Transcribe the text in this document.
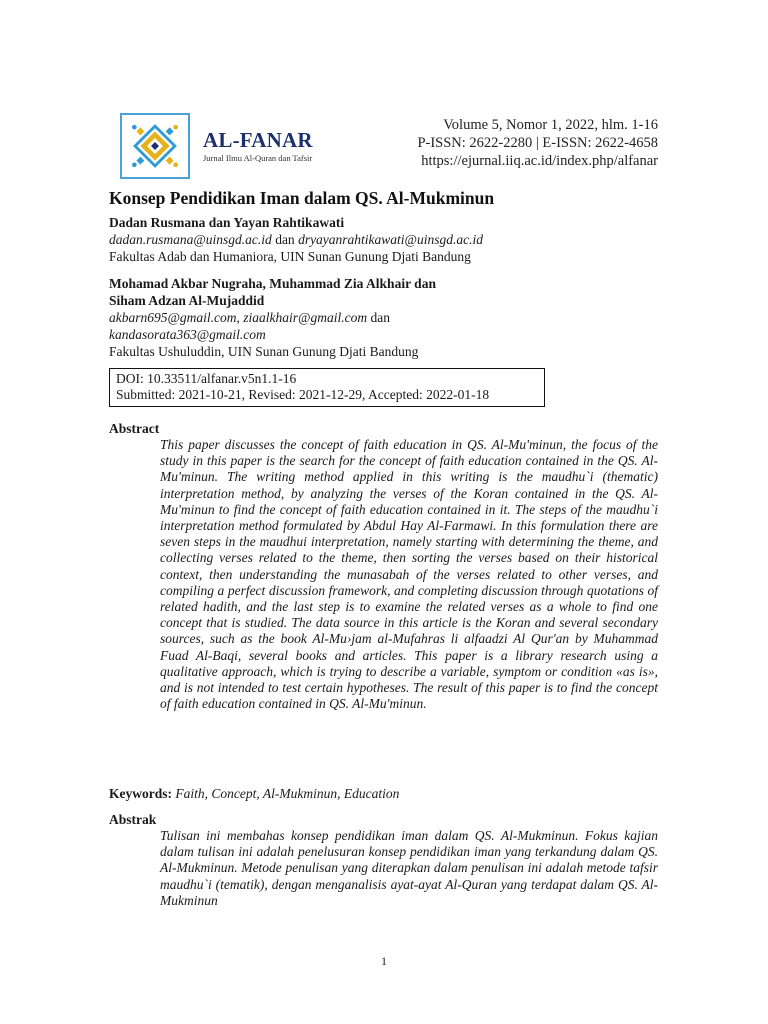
AL-FANAR
Jurnal Ilmu Al-Quran dan Tafsir
Volume 5, Nomor 1, 2022, hlm. 1-16
P-ISSN: 2622-2280 | E-ISSN: 2622-4658
https://ejurnal.iiq.ac.id/index.php/alfanar
Konsep Pendidikan Iman dalam QS. Al-Mukminun
Dadan Rusmana dan Yayan Rahtikawati
dadan.rusmana@uinsgd.ac.id dan dryayanrahtikawati@uinsgd.ac.id
Fakultas Adab dan Humaniora, UIN Sunan Gunung Djati Bandung
Mohamad Akbar Nugraha, Muhammad Zia Alkhair dan
Siham Adzan Al-Mujaddid
akbarn695@gmail.com, ziaalkhair@gmail.com dan
kandasorata363@gmail.com
Fakultas Ushuluddin, UIN Sunan Gunung Djati Bandung
DOI: 10.33511/alfanar.v5n1.1-16
Submitted: 2021-10-21, Revised: 2021-12-29, Accepted: 2022-01-18
Abstract

This paper discusses the concept of faith education in QS. Al-Mu'minun, the focus of the study in this paper is the search for the concept of faith education contained in the QS. Al-Mu'minun. The writing method applied in this writing is the maudhu`i (thematic) interpretation method, by analyzing the verses of the Koran contained in the QS. Al-Mu'minun to find the concept of faith education contained in it. The steps of the maudhu`i interpretation method formulated by Abdul Hay Al-Farmawi. In this formulation there are seven steps in the maudhui interpretation, namely starting with determining the theme, and collecting verses related to the theme, then sorting the verses based on their historical context, then understanding the munasabah of the verses related to other verses, and compiling a perfect discussion framework, and completing discussion through quotations of related hadith, and the last step is to examine the related verses as a whole to find one concept that is studied. The data source in this article is the Koran and several secondary sources, such as the book Al-Mu›jam al-Mufahras li alfaadzi Al Qur'an by Muhammad Fuad Al-Baqi, several books and articles. This paper is a library research using a qualitative approach, which is trying to describe a variable, symptom or condition «as is», and is not intended to test certain hypotheses. The result of this paper is to find the concept of faith education contained in QS. Al-Mu'minun.

Keywords: Faith, Concept, Al-Mukminun, Education
Abstrak

Tulisan ini membahas konsep pendidikan iman dalam QS. Al-Mukminun. Fokus kajian dalam tulisan ini adalah penelusuran konsep pendidikan iman yang terkandung dalam QS. Al-Mukminun. Metode penulisan yang diterapkan dalam penulisan ini adalah metode tafsir maudhu`i (tematik), dengan menganalisis ayat-ayat Al-Quran yang terdapat dalam QS. Al-Mukminun

1
